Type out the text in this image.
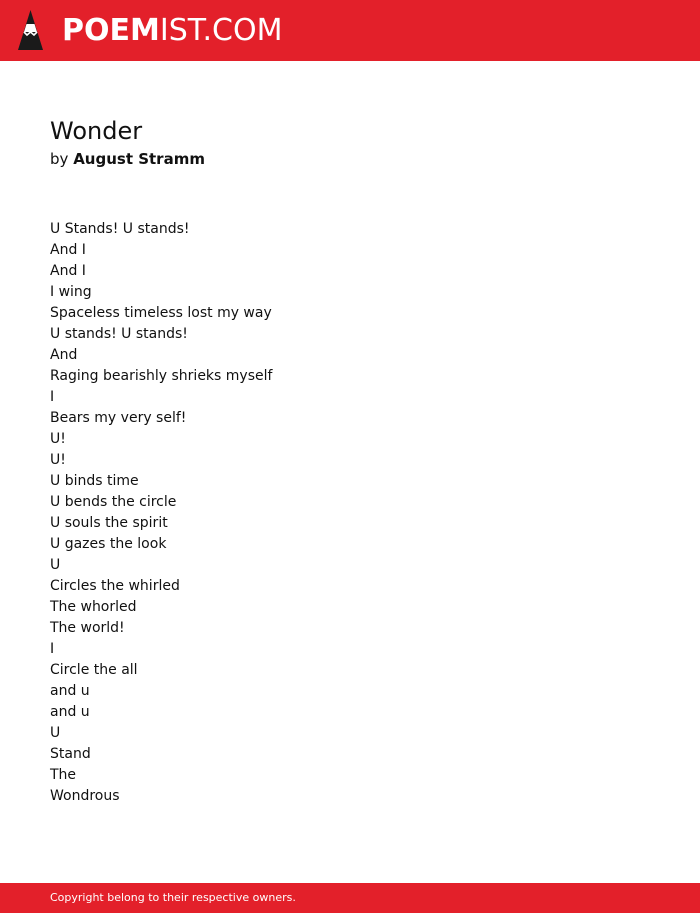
POEMIST.COM
Wonder

by August Stramm

U Stands! U stands!
And I
And I
I wing
Spaceless timeless lost my way
U stands! U stands!
And
Raging bearishly shrieks myself
I
Bears my very self!
U!
U!
U binds time
U bends the circle
U souls the spirit
U gazes the look
U
Circles the whirled
The whorled
The world!
I
Circle the all
and u
and u
U
Stand
The
Wondrous
Copyright belong to their respective owners.
